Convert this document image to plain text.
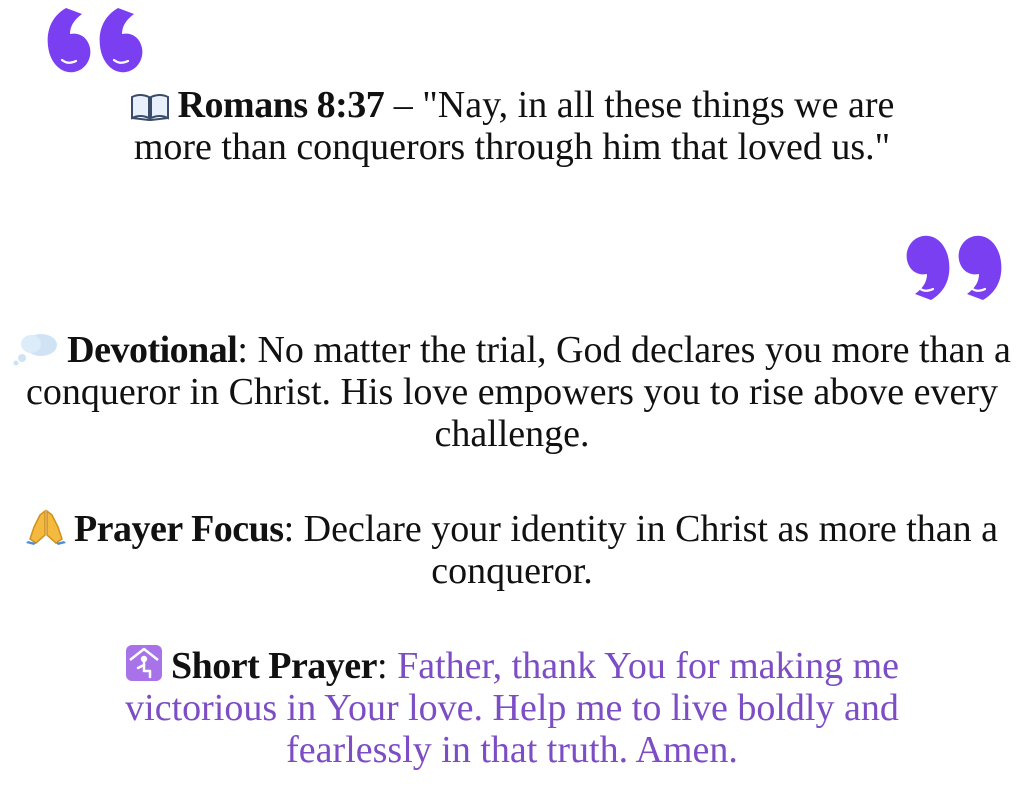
Romans 8:37 – "Nay, in all these things we are more than conquerors through him that loved us."
Devotional: No matter the trial, God declares you more than a conqueror in Christ. His love empowers you to rise above every challenge.
Prayer Focus: Declare your identity in Christ as more than a conqueror.
Short Prayer: Father, thank You for making me victorious in Your love. Help me to live boldly and fearlessly in that truth. Amen.
